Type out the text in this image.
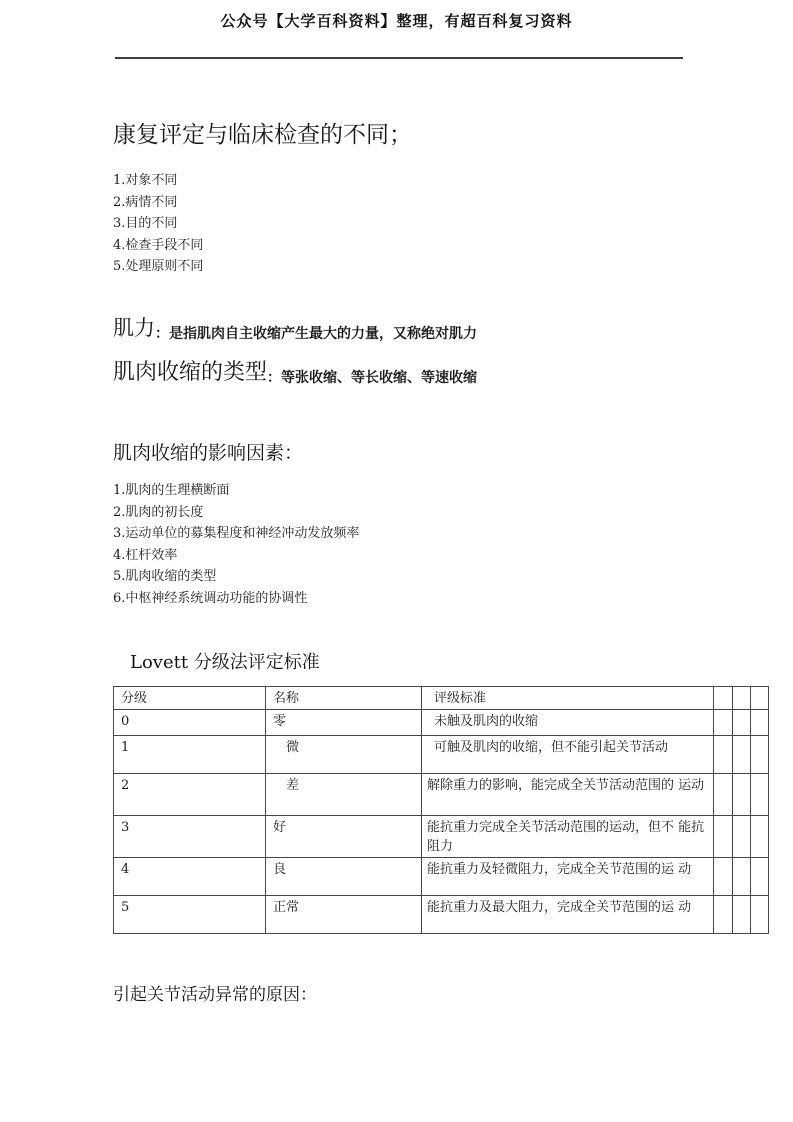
公众号【大学百科资料】整理，有超百科复习资料
康复评定与临床检查的不同；
1.对象不同
2.病情不同
3.目的不同
4.检查手段不同
5.处理原则不同
肌力：是指肌肉自主收缩产生最大的力量，又称绝对肌力
肌肉收缩的类型：等张收缩、等长收缩、等速收缩
肌肉收缩的影响因素：
1.肌肉的生理横断面
2.肌肉的初长度
3.运动单位的募集程度和神经冲动发放频率
4.杠杆效率
5.肌肉收缩的类型
6.中枢神经系统调动功能的协调性
Lovett 分级法评定标准
分级	名称	评级标准			
0	零	未触及肌肉的收缩			
1	微	可触及肌肉的收缩，但不能引起关节活动			
2	差	解除重力的影响，能完成全关节活动范围的 运动			
3	好	能抗重力完成全关节活动范围的运动，但不 能抗阻力			
4	良	能抗重力及轻微阻力，完成全关节范围的运 动			
5	正常	能抗重力及最大阻力，完成全关节范围的运 动			
引起关节活动异常的原因：
